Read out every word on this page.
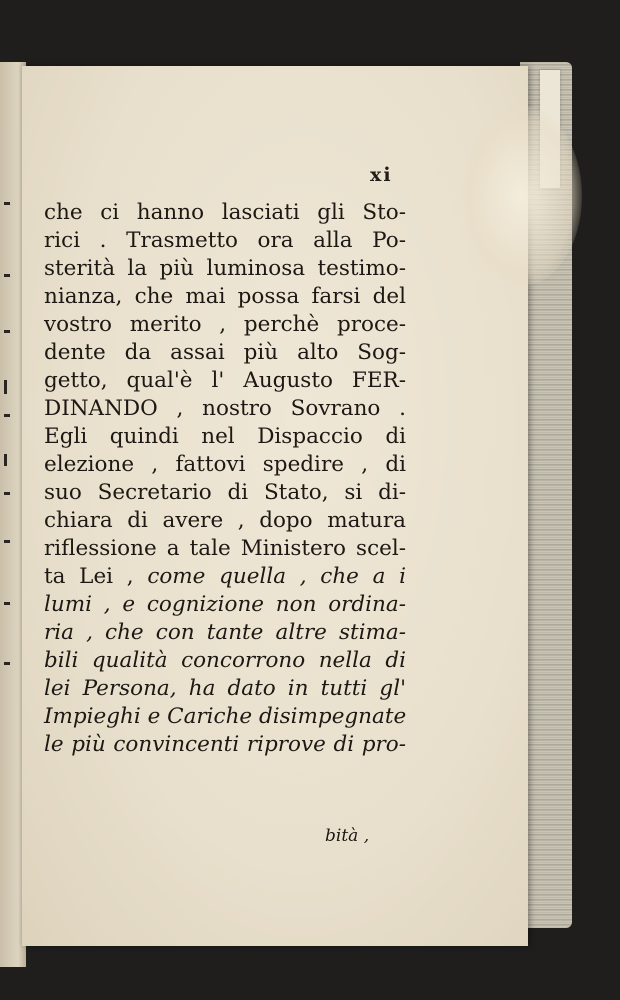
xi
che ci hanno lasciati gli Sto-
rici . Trasmetto ora alla Po-
sterità la più luminosa testimo-
nianza, che mai possa farsi del
vostro merito , perchè proce-
dente da assai più alto Sog-
getto, qual'è l' Augusto FER-
DINANDO , nostro Sovrano .
Egli quindi nel Dispaccio di
elezione , fattovi spedire , di
suo Secretario di Stato, si di-
chiara di avere , dopo matura
riflessione a tale Ministero scel-
ta Lei , come quella , che a i
lumi , e cognizione non ordina-
ria , che con tante altre stima-
bili qualità concorrono nella di
lei Persona, ha dato in tutti gl'
Impieghi e Cariche disimpegnate
le più convincenti riprove di pro-
bità ,
